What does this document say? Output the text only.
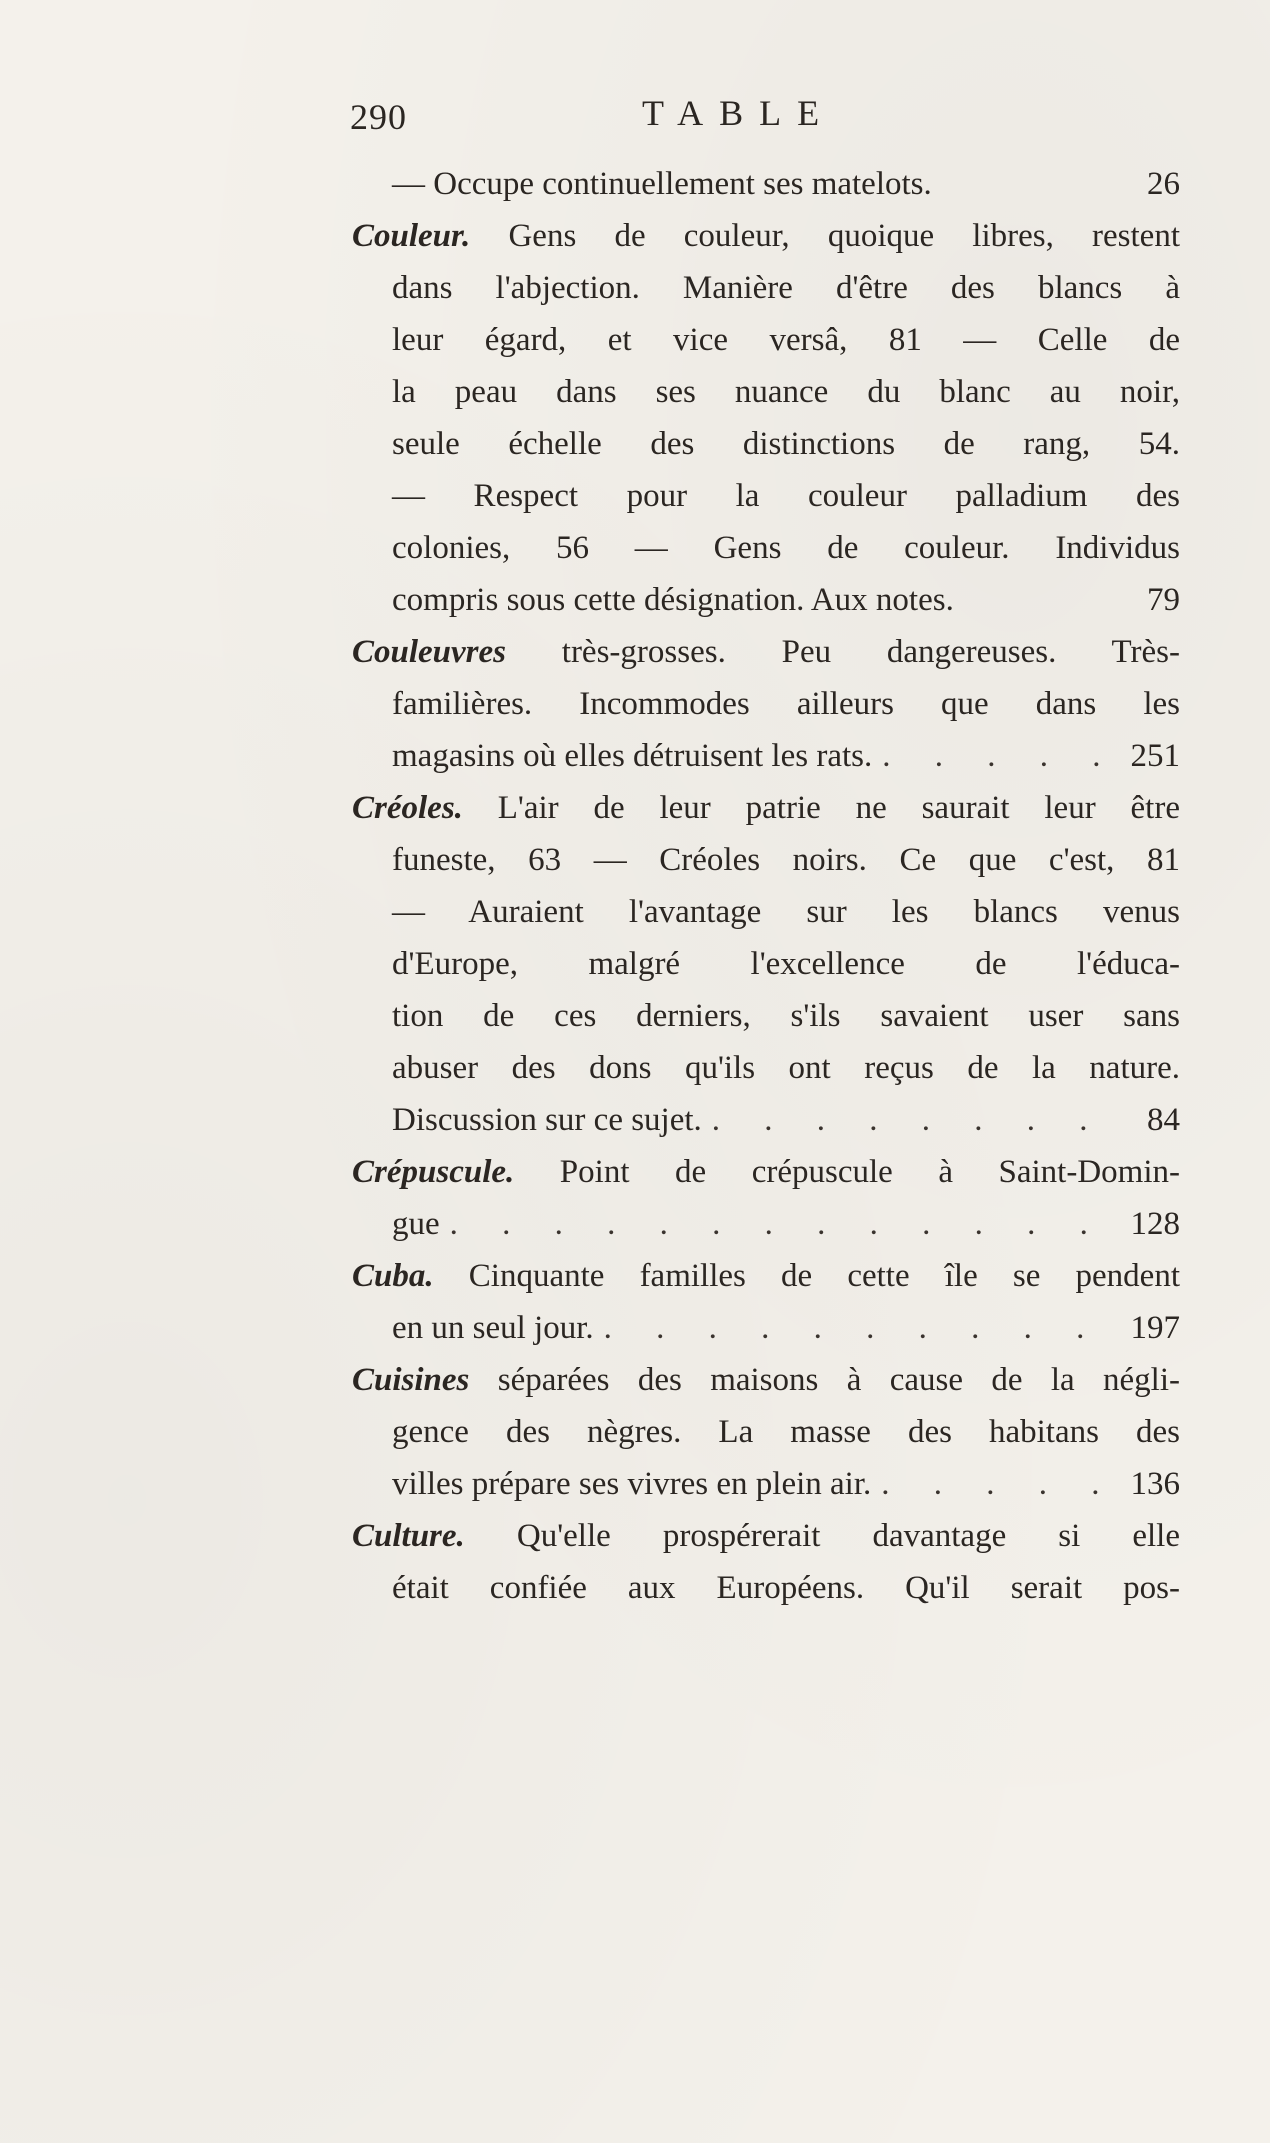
290	TABLE
— Occupe continuellement ses matelots.	26
Couleur. Gens de couleur, quoique libres, restent
dans l'abjection. Manière d'être des blancs à
leur égard, et vice versâ, 81 — Celle de
la peau dans ses nuance du blanc au noir,
seule échelle des distinctions de rang, 54.
— Respect pour la couleur palladium des
colonies, 56 — Gens de couleur. Individus
compris sous cette désignation. Aux notes.	79
Couleuvres très-grosses. Peu dangereuses. Très-
familières. Incommodes ailleurs que dans les
magasins où elles détruisent les rats. . . .	251
Créoles. L'air de leur patrie ne saurait leur être
funeste, 63 — Créoles noirs. Ce que c'est, 81
— Auraient l'avantage sur les blancs venus
d'Europe, malgré l'excellence de l'éduca-
tion de ces derniers, s'ils savaient user sans
abuser des dons qu'ils ont reçus de la nature.
Discussion sur ce sujet. . . .	84
Crépuscule. Point de crépuscule à Saint-Domin-
gue . . .	128
Cuba. Cinquante familles de cette île se pendent
en un seul jour. . . .	197
Cuisines séparées des maisons à cause de la négli-
gence des nègres. La masse des habitans des
villes prépare ses vivres en plein air. . . .	136
Culture. Qu'elle prospérerait davantage si elle
était confiée aux Européens. Qu'il serait pos-
